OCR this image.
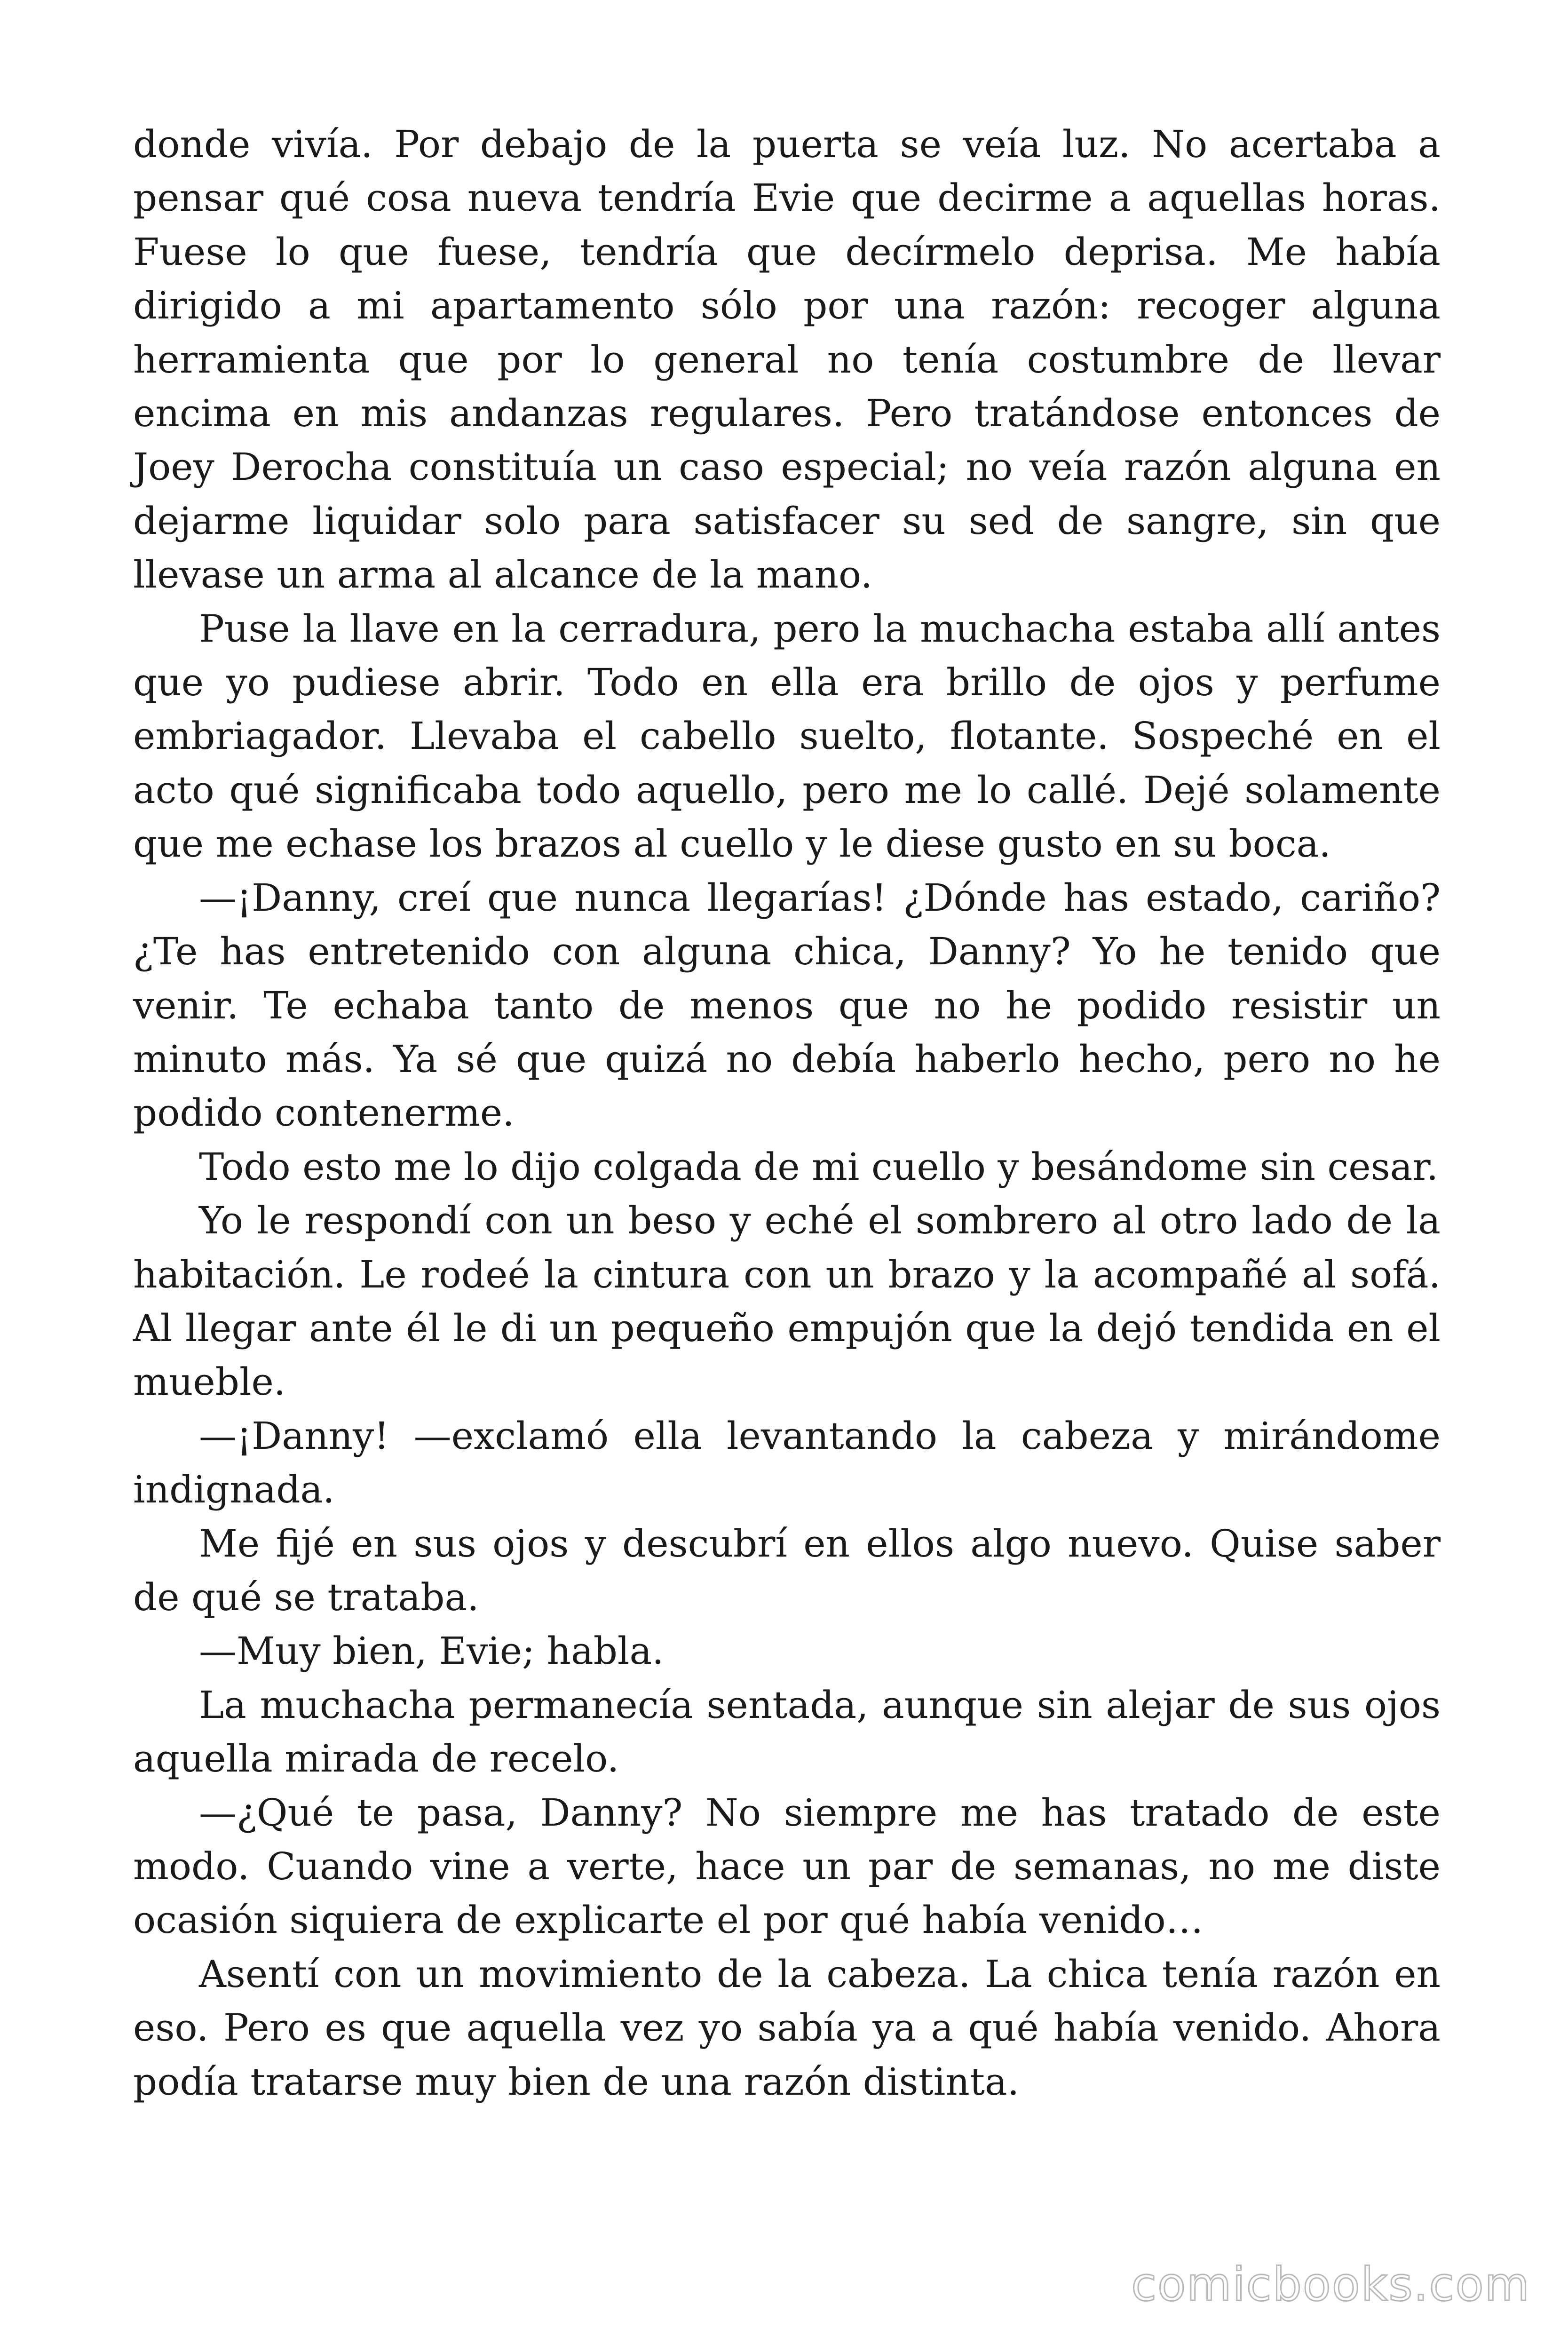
donde vivía. Por debajo de la puerta se veía luz. No acertaba a pensar qué cosa nueva tendría Evie que decirme a aquellas horas. Fuese lo que fuese, tendría que decírmelo deprisa. Me había dirigido a mi apartamento sólo por una razón: recoger alguna herramienta que por lo general no tenía costumbre de llevar encima en mis andanzas regulares. Pero tratándose entonces de Joey Derocha constituía un caso especial; no veía razón alguna en dejarme liquidar solo para satisfacer su sed de sangre, sin que llevase un arma al alcance de la mano.

Puse la llave en la cerradura, pero la muchacha estaba allí antes que yo pudiese abrir. Todo en ella era brillo de ojos y perfume embriagador. Llevaba el cabello suelto, flotante. Sospeché en el acto qué significaba todo aquello, pero me lo callé. Dejé solamente que me echase los brazos al cuello y le diese gusto en su boca.

—¡Danny, creí que nunca llegarías! ¿Dónde has estado, cariño? ¿Te has entretenido con alguna chica, Danny? Yo he tenido que venir. Te echaba tanto de menos que no he podido resistir un minuto más. Ya sé que quizá no debía haberlo hecho, pero no he podido contenerme.

Todo esto me lo dijo colgada de mi cuello y besándome sin cesar.

Yo le respondí con un beso y eché el sombrero al otro lado de la habitación. Le rodeé la cintura con un brazo y la acompañé al sofá. Al llegar ante él le di un pequeño empujón que la dejó tendida en el mueble.

—¡Danny! —exclamó ella levantando la cabeza y mirándome indignada.

Me fijé en sus ojos y descubrí en ellos algo nuevo. Quise saber de qué se trataba.

—Muy bien, Evie; habla.

La muchacha permanecía sentada, aunque sin alejar de sus ojos aquella mirada de recelo.

—¿Qué te pasa, Danny? No siempre me has tratado de este modo. Cuando vine a verte, hace un par de semanas, no me diste ocasión siquiera de explicarte el por qué había venido…

Asentí con un movimiento de la cabeza. La chica tenía razón en eso. Pero es que aquella vez yo sabía ya a qué había venido. Ahora podía tratarse muy bien de una razón distinta.

comicbooks.com
